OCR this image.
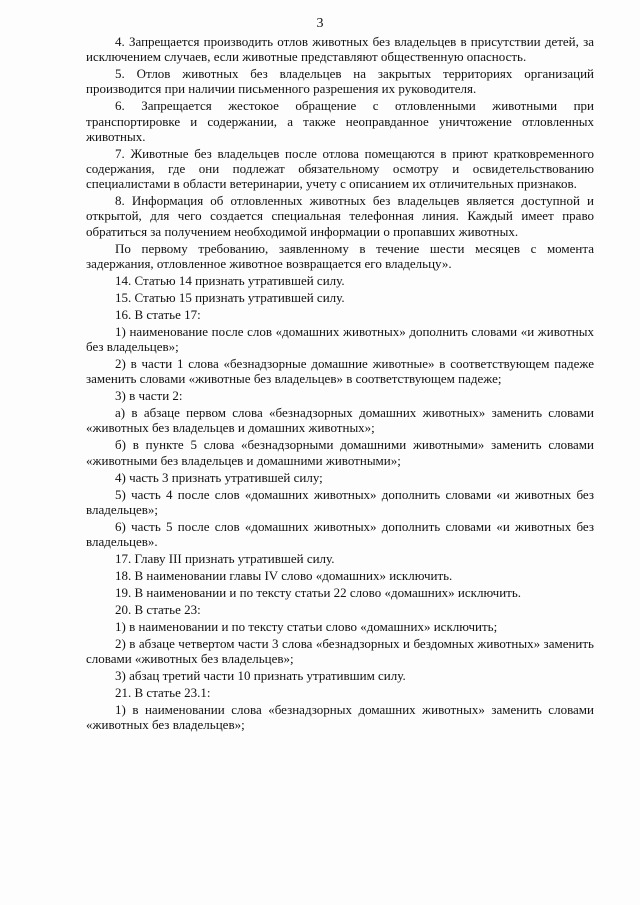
3

4. Запрещается производить отлов животных без владельцев в присутствии детей, за исключением случаев, если животные представляют общественную опасность.

5. Отлов животных без владельцев на закрытых территориях организаций производится при наличии письменного разрешения их руководителя.

6. Запрещается жестокое обращение с отловленными животными при транспортировке и содержании, а также неоправданное уничтожение отловленных животных.

7. Животные без владельцев после отлова помещаются в приют кратковременного содержания, где они подлежат обязательному осмотру и освидетельствованию специалистами в области ветеринарии, учету с описанием их отличительных признаков.

8. Информация об отловленных животных без владельцев является доступной и открытой, для чего создается специальная телефонная линия. Каждый имеет право обратиться за получением необходимой информации о пропавших животных.

По первому требованию, заявленному в течение шести месяцев с момента задержания, отловленное животное возвращается его владельцу».

14. Статью 14 признать утратившей силу.

15. Статью 15 признать утратившей силу.

16. В статье 17:

1) наименование после слов «домашних животных» дополнить словами «и животных без владельцев»;

2) в части 1 слова «безнадзорные домашние животные» в соответствующем падеже заменить словами «животные без владельцев» в соответствующем падеже;

3) в части 2:

а) в абзаце первом слова «безнадзорных домашних животных» заменить словами «животных без владельцев и домашних животных»;

б) в пункте 5 слова «безнадзорными домашними животными» заменить словами «животными без владельцев и домашними животными»;

4) часть 3 признать утратившей силу;

5) часть 4 после слов «домашних животных» дополнить словами «и животных без владельцев»;

6) часть 5 после слов «домашних животных» дополнить словами «и животных без владельцев».

17. Главу III признать утратившей силу.

18. В наименовании главы IV слово «домашних» исключить.

19. В наименовании и по тексту статьи 22 слово «домашних» исключить.

20. В статье 23:

1) в наименовании и по тексту статьи слово «домашних» исключить;

2) в абзаце четвертом части 3 слова «безнадзорных и бездомных животных» заменить словами «животных без владельцев»;

3) абзац третий части 10 признать утратившим силу.

21. В статье 23.1:

1) в наименовании слова «безнадзорных домашних животных» заменить словами «животных без владельцев»;
